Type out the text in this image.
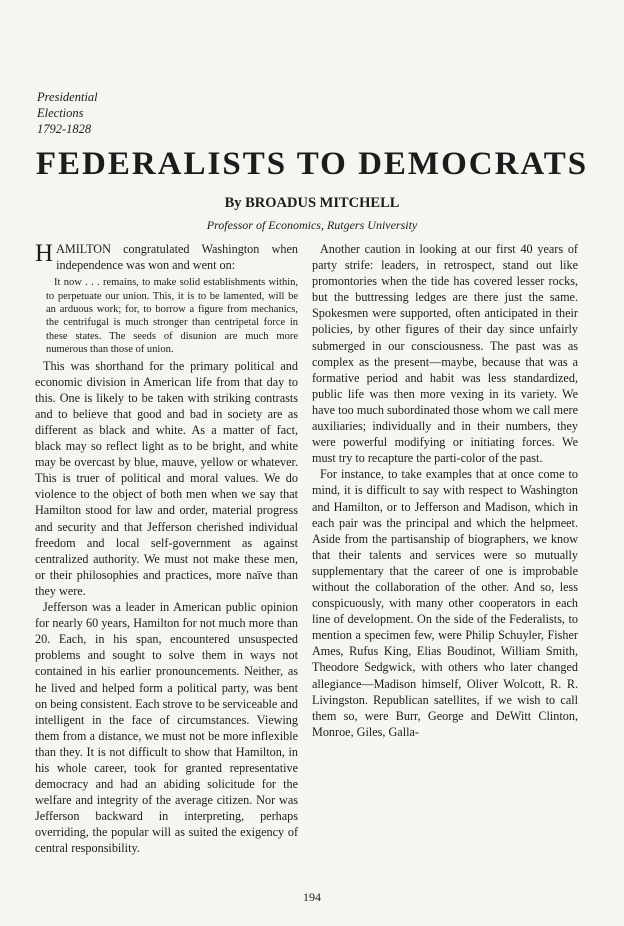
Presidential
Elections
1792-1828
FEDERALISTS TO DEMOCRATS
By BROADUS MITCHELL
Professor of Economics, Rutgers University

HAMILTON congratulated Washington when independence was won and went on:

It now . . . remains, to make solid establishments within, to perpetuate our union. This, it is to be lamented, will be an arduous work; for, to borrow a figure from mechanics, the centrifugal is much stronger than centripetal force in these states. The seeds of disunion are much more numerous than those of union.

This was shorthand for the primary political and economic division in American life from that day to this. One is likely to be taken with striking contrasts and to believe that good and bad in society are as different as black and white. As a matter of fact, black may so reflect light as to be bright, and white may be overcast by blue, mauve, yellow or whatever. This is truer of political and moral values. We do violence to the object of both men when we say that Hamilton stood for law and order, material progress and security and that Jefferson cherished individual freedom and local self-government as against centralized authority. We must not make these men, or their philosophies and practices, more naïve than they were.

Jefferson was a leader in American public opinion for nearly 60 years, Hamilton for not much more than 20. Each, in his span, encountered unsuspected problems and sought to solve them in ways not contained in his earlier pronouncements. Neither, as he lived and helped form a political party, was bent on being consistent. Each strove to be serviceable and intelligent in the face of circumstances. Viewing them from a distance, we must not be more inflexible than they. It is not difficult to show that Hamilton, in his whole career, took for granted representative democracy and had an abiding solicitude for the welfare and integrity of the average citizen. Nor was Jefferson backward in interpreting, perhaps overriding, the popular will as suited the exigency of central responsibility.

Another caution in looking at our first 40 years of party strife: leaders, in retrospect, stand out like promontories when the tide has covered lesser rocks, but the buttressing ledges are there just the same. Spokesmen were supported, often anticipated in their policies, by other figures of their day since unfairly submerged in our consciousness. The past was as complex as the present—maybe, because that was a formative period and habit was less standardized, public life was then more vexing in its variety. We have too much subordinated those whom we call mere auxiliaries; individually and in their numbers, they were powerful modifying or initiating forces. We must try to recapture the parti-color of the past.

For instance, to take examples that at once come to mind, it is difficult to say with respect to Washington and Hamilton, or to Jefferson and Madison, which in each pair was the principal and which the helpmeet. Aside from the partisanship of biographers, we know that their talents and services were so mutually supplementary that the career of one is improbable without the collaboration of the other. And so, less conspicuously, with many other cooperators in each line of development. On the side of the Federalists, to mention a specimen few, were Philip Schuyler, Fisher Ames, Rufus King, Elias Boudinot, William Smith, Theodore Sedgwick, with others who later changed allegiance—Madison himself, Oliver Wolcott, R. R. Livingston. Republican satellites, if we wish to call them so, were Burr, George and DeWitt Clinton, Monroe, Giles, Galla-

194
